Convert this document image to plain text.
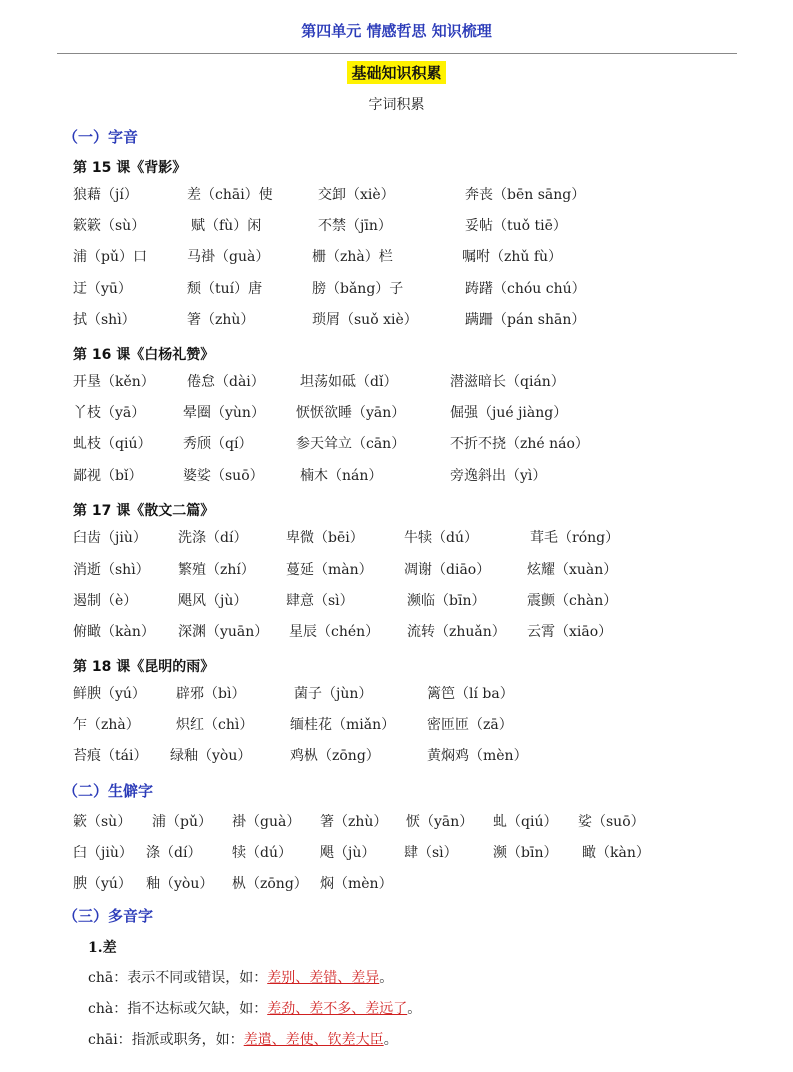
第四单元 情感哲思 知识梳理
基础知识积累
字词积累
（一）字音
第 15 课《背影》
狼藉（jí）	差（chāi）使	交卸（xiè）	奔丧（bēn sāng）
簌簌（sù）	赋（fù）闲	不禁（jīn）	妥帖（tuǒ tiē）
浦（pǔ）口	马褂（guà）	栅（zhà）栏	嘱咐（zhǔ fù）
迂（yū）	颓（tuí）唐	膀（bǎng）子	踌躇（chóu chú）
拭（shì）	箸（zhù）	琐屑（suǒ xiè）	蹒跚（pán shān）
第 16 课《白杨礼赞》
开垦（kěn） 倦怠（dài）	坦荡如砥（dǐ）	潜滋暗长（qián）
丫枝（yā）	晕圈（yùn） 恹恹欲睡（yān）	倔强（jué jiàng）
虬枝（qiú） 秀颀（qí）	参天耸立（cān）	不折不挠（zhé náo）
鄙视（bǐ）	婆娑（suō）	楠木（nán）	旁逸斜出（yì）
第 17 课《散文二篇》
臼齿（jiù） 洗涤（dí）	卑微（bēi）	牛犊（dú）	茸毛（róng）
消逝（shì） 繁殖（zhí） 蔓延（màn） 凋谢（diāo）	炫耀（xuàn）
遏制（è）	飓风（jù）	肆意（sì）	濒临（bīn）	震颤（chàn）
俯瞰（kàn） 深渊（yuān） 星辰（chén） 流转（zhuǎn） 云霄（xiāo）
第 18 课《昆明的雨》
鲜腴（yú） 辟邪（bì）	菌子（jùn）	篱笆（lí ba）
乍（zhà）	炽红（chì）	缅桂花（miǎn） 密匝匝（zā）
苔痕（tái） 绿釉（yòu）	鸡枞（zōng）	黄焖鸡（mèn）
（二）生僻字
簌（sù） 浦（pǔ） 褂（guà） 箸（zhù） 恹（yān） 虬（qiú） 娑（suō）
臼（jiù） 涤（dí） 犊（dú） 飓（jù） 肆（sì）	濒（bīn） 瞰（kàn）
腴（yú） 釉（yòu） 枞（zōng） 焖（mèn）
（三）多音字
1.差
chā：表示不同或错误，如：差别、差错、差异。
chà：指不达标或欠缺，如：差劲、差不多、差远了。
chāi：指派或职务，如：差遣、差使、钦差大臣。
